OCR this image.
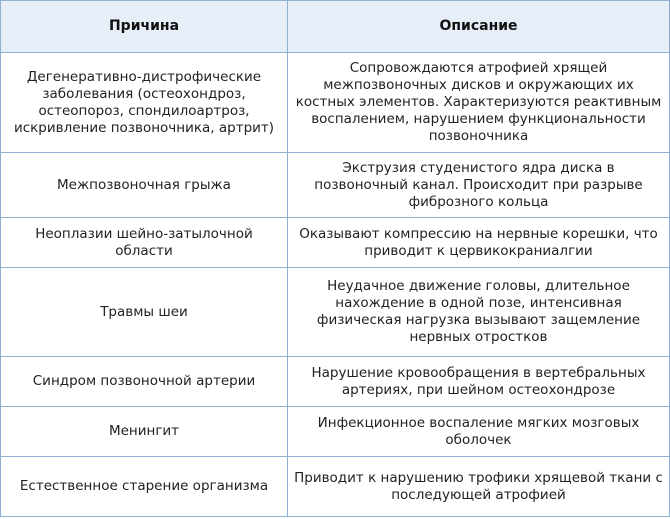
Причина	Описание
Дегенеративно-дистрофические заболевания (остеохондроз, остеопороз, спондилоартроз, искривление позвоночника, артрит)	Сопровождаются атрофией хрящей межпозвоночных дисков и окружающих их костных элементов. Характеризуются реактивным воспалением, нарушением функциональности позвоночника
Межпозвоночная грыжа	Экструзия студенистого ядра диска в позвоночный канал. Происходит при разрыве фиброзного кольца
Неоплазии шейно-затылочной области	Оказывают компрессию на нервные корешки, что приводит к цервикокраниалгии
Травмы шеи	Неудачное движение головы, длительное нахождение в одной позе, интенсивная физическая нагрузка вызывают защемление нервных отростков
Синдром позвоночной артерии	Нарушение кровообращения в вертебральных артериях, при шейном остеохондрозе
Менингит	Инфекционное воспаление мягких мозговых оболочек
Естественное старение организма	Приводит к нарушению трофики хрящевой ткани с последующей атрофией
